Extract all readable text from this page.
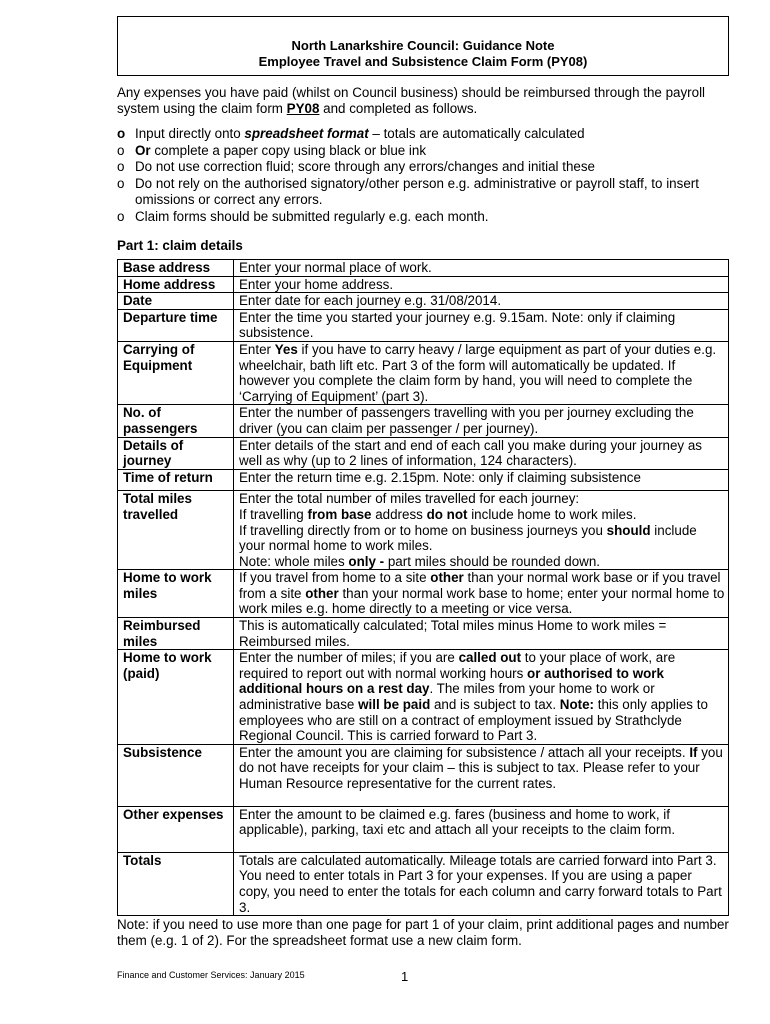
North Lanarkshire Council: Guidance Note
Employee Travel and Subsistence Claim Form (PY08)
Any expenses you have paid (whilst on Council business) should be reimbursed through the payroll system using the claim form PY08 and completed as follows.
o Input directly onto spreadsheet format – totals are automatically calculated
o Or complete a paper copy using black or blue ink
o Do not use correction fluid; score through any errors/changes and initial these
o Do not rely on the authorised signatory/other person e.g. administrative or payroll staff, to insert omissions or correct any errors.
o Claim forms should be submitted regularly e.g. each month.
Part 1: claim details
Base address	Enter your normal place of work.
Home address	Enter your home address.
Date	Enter date for each journey e.g. 31/08/2014.
Departure time	Enter the time you started your journey e.g. 9.15am. Note: only if claiming subsistence.
Carrying of Equipment	Enter Yes if you have to carry heavy / large equipment as part of your duties e.g. wheelchair, bath lift etc. Part 3 of the form will automatically be updated. If however you complete the claim form by hand, you will need to complete the ‘Carrying of Equipment’ (part 3).
No. of passengers	Enter the number of passengers travelling with you per journey excluding the driver (you can claim per passenger / per journey).
Details of journey	Enter details of the start and end of each call you make during your journey as well as why (up to 2 lines of information, 124 characters).
Time of return	Enter the return time e.g. 2.15pm. Note: only if claiming subsistence
Total miles travelled	Enter the total number of miles travelled for each journey:
If travelling from base address do not include home to work miles.
If travelling directly from or to home on business journeys you should include your normal home to work miles.
Note: whole miles only - part miles should be rounded down.

Home to work miles	If you travel from home to a site other than your normal work base or if you travel from a site other than your normal work base to home; enter your normal home to work miles e.g. home directly to a meeting or vice versa.
Reimbursed miles	This is automatically calculated; Total miles minus Home to work miles = Reimbursed miles.
Home to work (paid)	Enter the number of miles; if you are called out to your place of work, are required to report out with normal working hours or authorised to work additional hours on a rest day. The miles from your home to work or administrative base will be paid and is subject to tax. Note: this only applies to employees who are still on a contract of employment issued by Strathclyde Regional Council. This is carried forward to Part 3.
Subsistence	Enter the amount you are claiming for subsistence / attach all your receipts. If you do not have receipts for your claim – this is subject to tax. Please refer to your Human Resource representative for the current rates.
Other expenses	Enter the amount to be claimed e.g. fares (business and home to work, if applicable), parking, taxi etc and attach all your receipts to the claim form.
Totals	Totals are calculated automatically. Mileage totals are carried forward into Part 3. You need to enter totals in Part 3 for your expenses. If you are using a paper copy, you need to enter the totals for each column and carry forward totals to Part 3.
Note: if you need to use more than one page for part 1 of your claim, print additional pages and number them (e.g. 1 of 2). For the spreadsheet format use a new claim form.
Finance and Customer Services: January 2015	1
